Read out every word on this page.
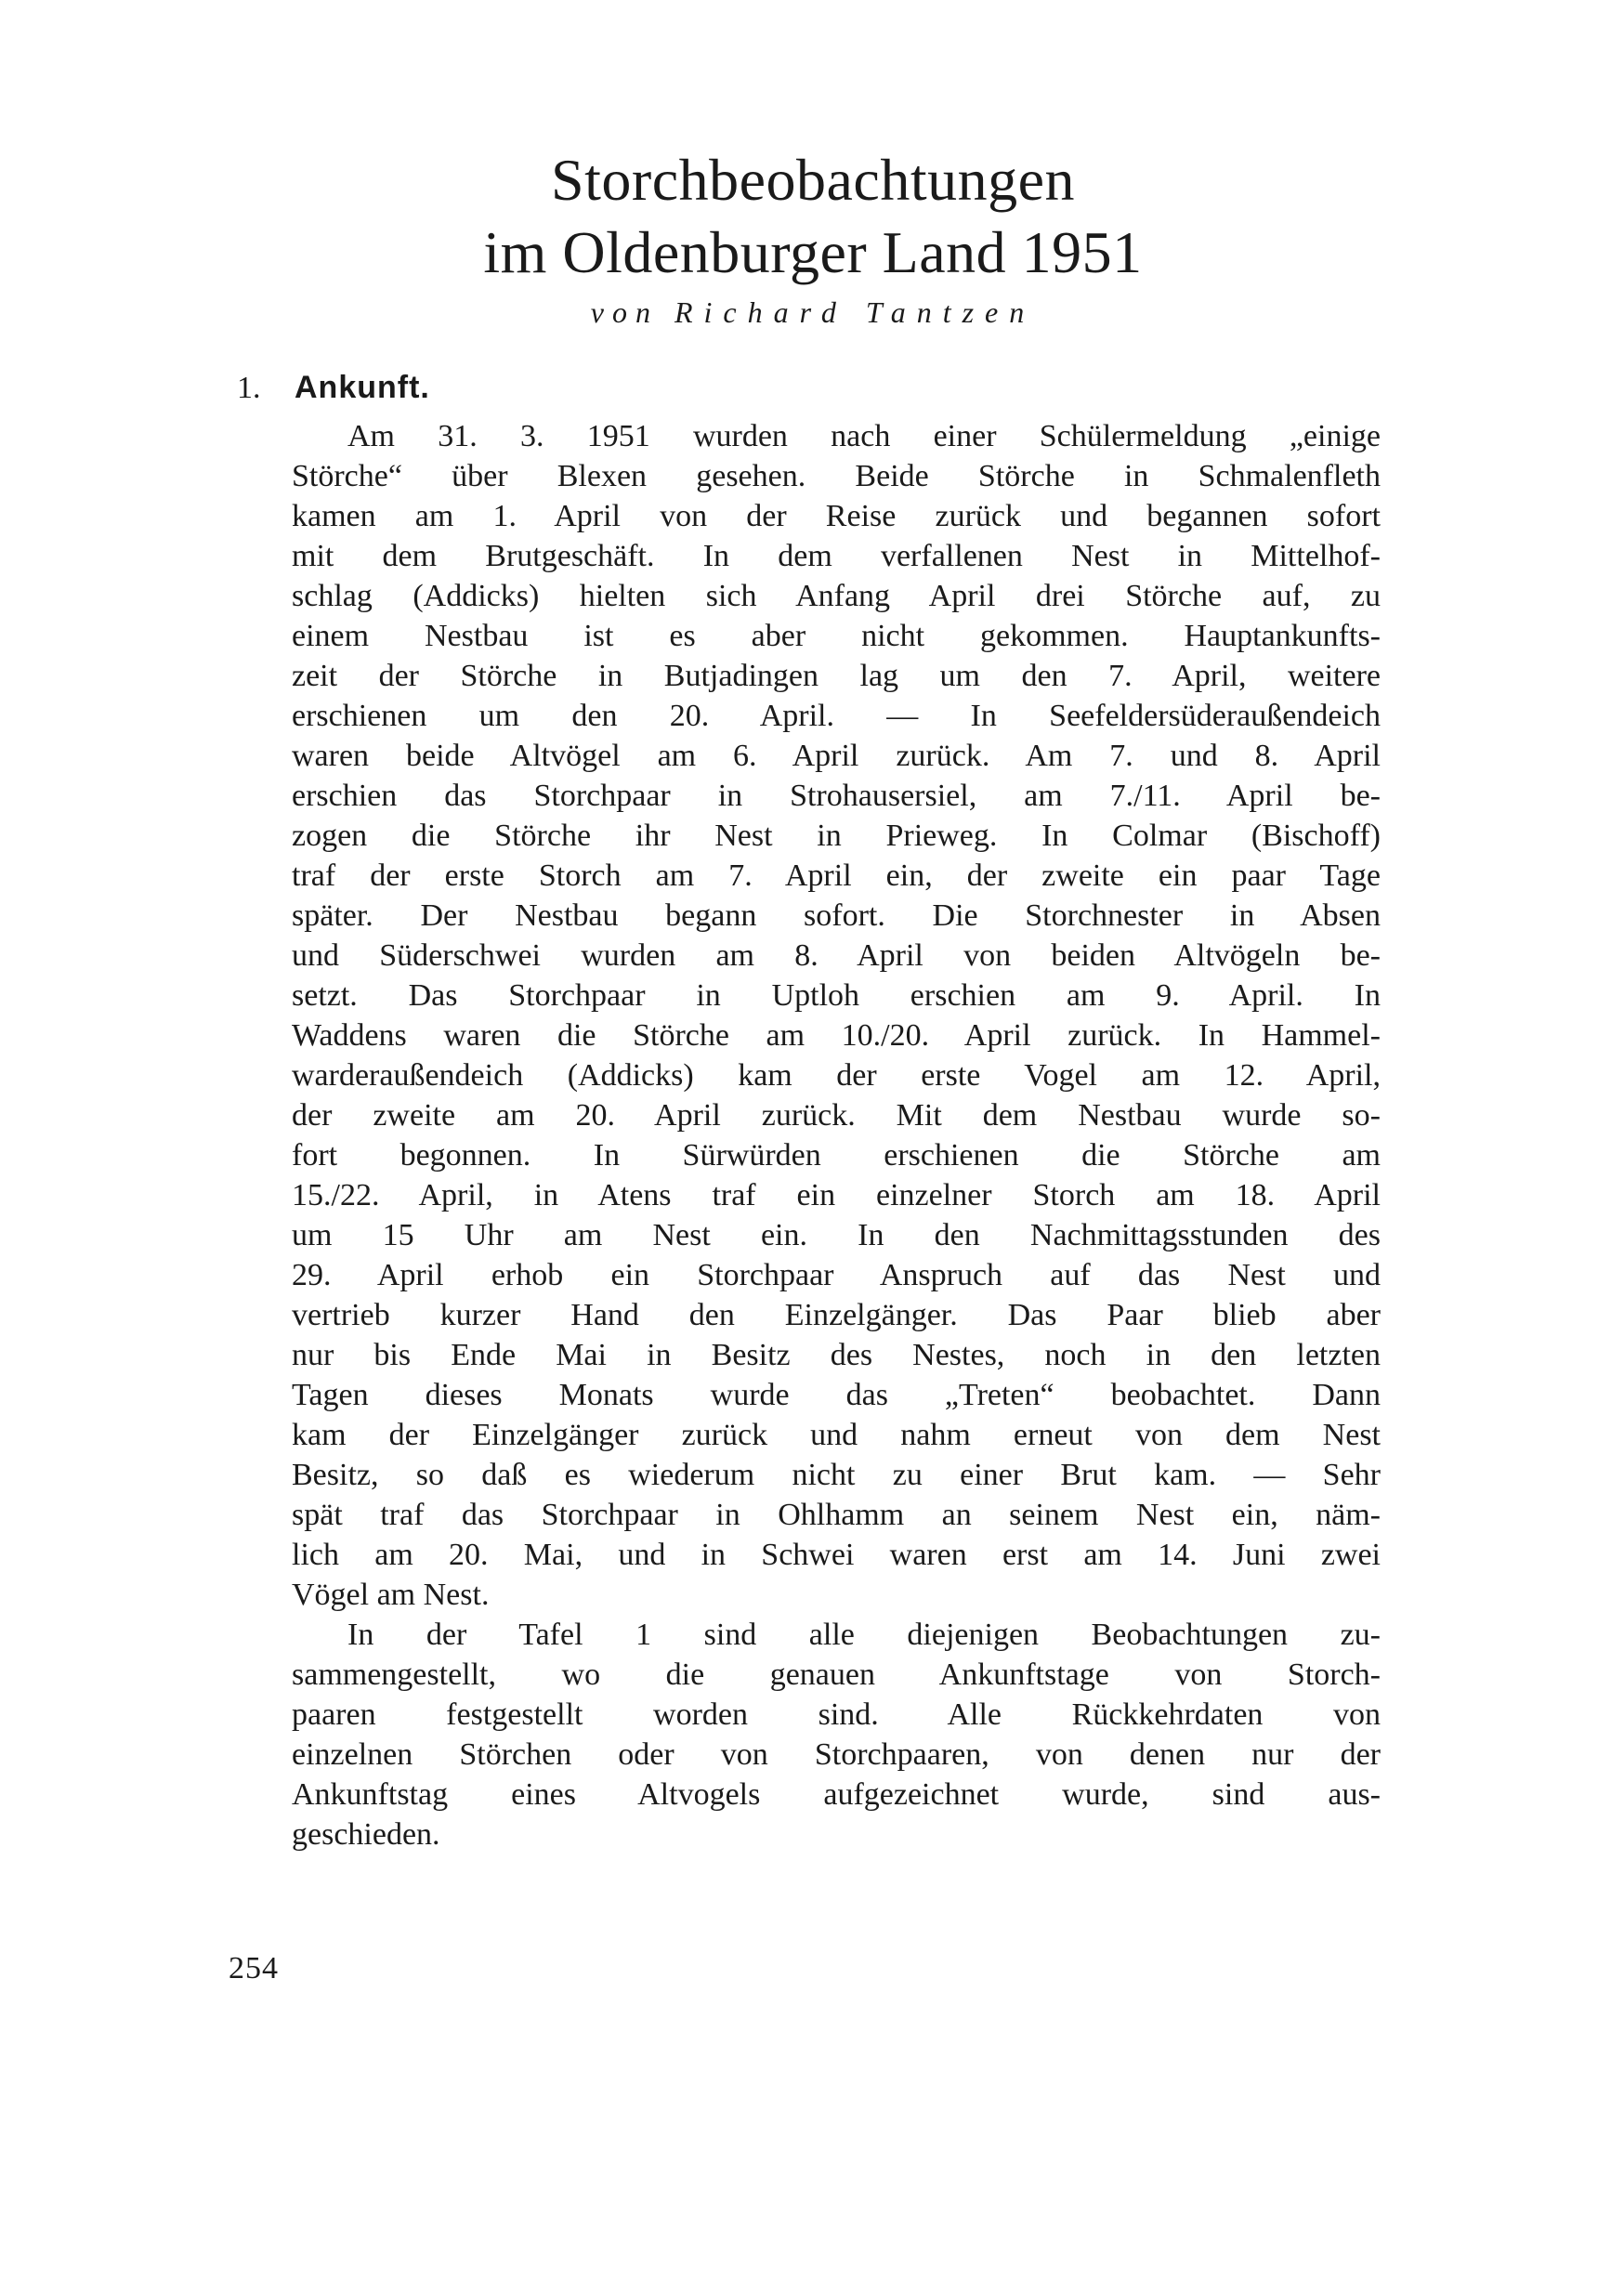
Storchbeobachtungen
im Oldenburger Land 1951
von Richard Tantzen
1. Ankunft.
Am 31. 3. 1951 wurden nach einer Schülermeldung „einige
Störche“ über Blexen gesehen. Beide Störche in Schmalenfleth
kamen am 1. April von der Reise zurück und begannen sofort
mit dem Brutgeschäft. In dem verfallenen Nest in Mittelhof-
schlag (Addicks) hielten sich Anfang April drei Störche auf, zu
einem Nestbau ist es aber nicht gekommen. Hauptankunfts-
zeit der Störche in Butjadingen lag um den 7. April, weitere
erschienen um den 20. April. — In Seefeldersüderaußendeich
waren beide Altvögel am 6. April zurück. Am 7. und 8. April
erschien das Storchpaar in Strohausersiel, am 7./11. April be-
zogen die Störche ihr Nest in Prieweg. In Colmar (Bischoff)
traf der erste Storch am 7. April ein, der zweite ein paar Tage
später. Der Nestbau begann sofort. Die Storchnester in Absen
und Süderschwei wurden am 8. April von beiden Altvögeln be-
setzt. Das Storchpaar in Uptloh erschien am 9. April. In
Waddens waren die Störche am 10./20. April zurück. In Hammel-
warderaußendeich (Addicks) kam der erste Vogel am 12. April,
der zweite am 20. April zurück. Mit dem Nestbau wurde so-
fort begonnen. In Sürwürden erschienen die Störche am
15./22. April, in Atens traf ein einzelner Storch am 18. April
um 15 Uhr am Nest ein. In den Nachmittagsstunden des
29. April erhob ein Storchpaar Anspruch auf das Nest und
vertrieb kurzer Hand den Einzelgänger. Das Paar blieb aber
nur bis Ende Mai in Besitz des Nestes, noch in den letzten
Tagen dieses Monats wurde das „Treten“ beobachtet. Dann
kam der Einzelgänger zurück und nahm erneut von dem Nest
Besitz, so daß es wiederum nicht zu einer Brut kam. — Sehr
spät traf das Storchpaar in Ohlhamm an seinem Nest ein, näm-
lich am 20. Mai, und in Schwei waren erst am 14. Juni zwei
Vögel am Nest.
In der Tafel 1 sind alle diejenigen Beobachtungen zu-
sammengestellt, wo die genauen Ankunftstage von Storch-
paaren festgestellt worden sind. Alle Rückkehrdaten von
einzelnen Störchen oder von Storchpaaren, von denen nur der
Ankunftstag eines Altvogels aufgezeichnet wurde, sind aus-
geschieden.
254
